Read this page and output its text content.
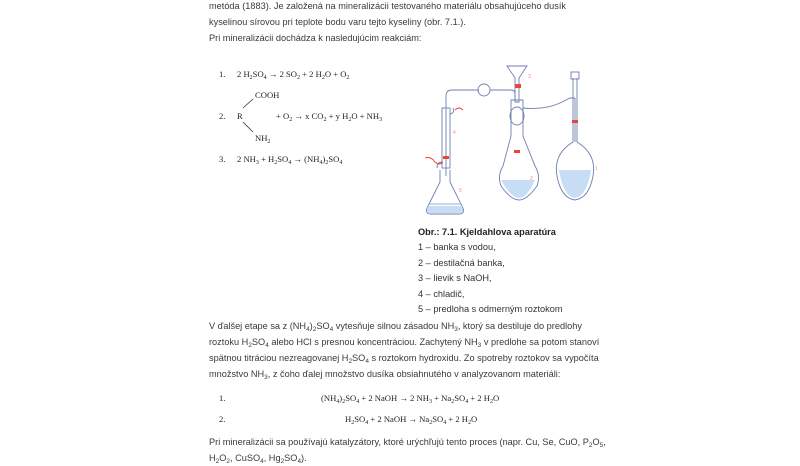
metóda (1883). Je založená na mineralizácii testovaného materiálu obsahujúceho dusík

kyselinou sírovou pri teplote bodu varu tejto kyseliny (obr. 7.1.).

Pri mineralizácii dochádza k nasledujúcim reakciám:

1. 2 $H_2SO_4 \to 2$ $SO_2 + 2$ $H_2O + O_2$
COOH
2. R	+ $O_2 \to x$ $CO_2 + y$ $H_2O + NH_3$
$NH_2$
3. 2 $NH_3 + H_2SO_4 \to (NH_4)_2SO_4$
5
4
3
2
1
Obr.: 7.1. Kjeldahlova aparatúra
1 – banka s vodou,
2 – destilačná banka,
3 – lievik s NaOH,
4 – chladič,
5 – predloha s odmerným roztokom

V ďalšej etape sa z $(NH_4)_2SO_4$ vytesňuje silnou zásadou $NH_3$, ktorý sa destiluje do predlohy

roztoku $H_2SO_4$ alebo HCl s presnou koncentráciou. Zachytený $NH_3$ v predlohe sa potom stanoví

spätnou titráciou nezreagovanej $H_2SO_4$ s roztokom hydroxidu. Zo spotreby roztokov sa vypočíta

množstvo $NH_3$, z čoho ďalej množstvo dusíka obsiahnutého v analyzovanom materiáli:

1.	$(NH_4)_2SO_4 + 2$ NaOH → 2 $NH_3 + Na_2SO_4 + 2$ $H_2O$
2.	$H_2SO_4 + 2$ NaOH → $Na_2SO_4 + 2$ $H_2O$

Pri mineralizácii sa používajú katalyzátory, ktoré urýchľujú tento proces (napr. Cu, Se, CuO, $P_2O_5$,

$H_2O_2$, CuSO$_4$, $Hg_2SO_4$).
